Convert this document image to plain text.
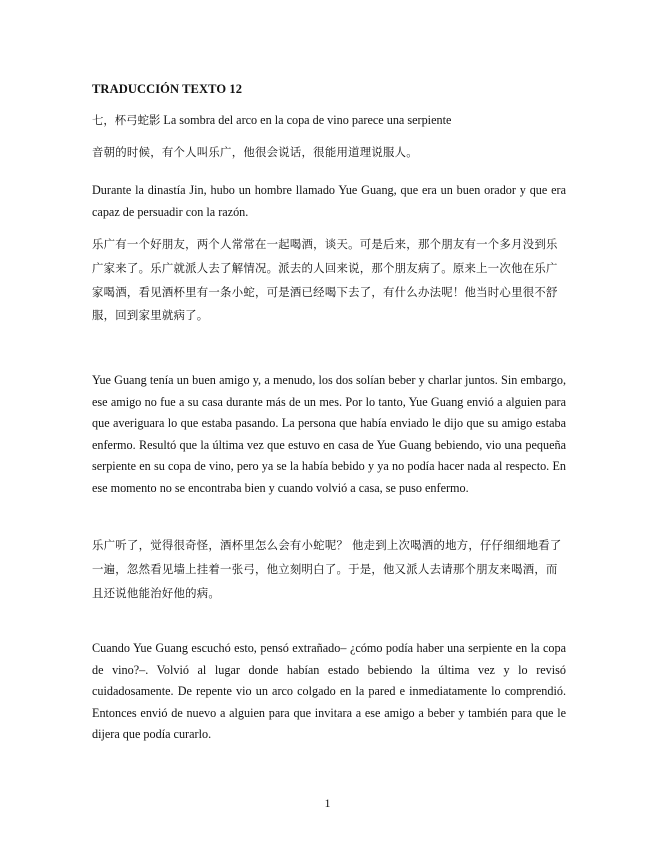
TRADUCCIÓN TEXTO 12
七，杯弓蛇影 La sombra del arco en la copa de vino parece una serpiente

音朝的时候，有个人叫乐广，他很会说话，很能用道理说服人。

Durante la dinastía Jin, hubo un hombre llamado Yue Guang, que era un buen orador y que era capaz de persuadir con la razón.

乐广有一个好朋友，两个人常常在一起喝酒，谈天。可是后来，那个朋友有一个多月没到乐广家来了。乐广就派人去了解情况。派去的人回来说，那个朋友病了。原来上一次他在乐广家喝酒，看见酒杯里有一条小蛇，可是酒已经喝下去了，有什么办法呢！他当时心里很不舒服，回到家里就病了。

Yue Guang tenía un buen amigo y, a menudo, los dos solían beber y charlar juntos. Sin embargo, ese amigo no fue a su casa durante más de un mes. Por lo tanto, Yue Guang envió a alguien para que averiguara lo que estaba pasando. La persona que había enviado le dijo que su amigo estaba enfermo. Resultó que la última vez que estuvo en casa de Yue Guang bebiendo, vio una pequeña serpiente en su copa de vino, pero ya se la había bebido y ya no podía hacer nada al respecto. En ese momento no se encontraba bien y cuando volvió a casa, se puso enfermo.

乐广听了，觉得很奇怪，酒杯里怎么会有小蛇呢？ 他走到上次喝酒的地方，仔仔细细地看了一遍，忽然看见墙上挂着一张弓，他立刻明白了。于是，他又派人去请那个朋友来喝酒，而且还说他能治好他的病。

Cuando Yue Guang escuchó esto, pensó extrañado– ¿cómo podía haber una serpiente en la copa de vino?–. Volvió al lugar donde habían estado bebiendo la última vez y lo revisó cuidadosamente. De repente vio un arco colgado en la pared e inmediatamente lo comprendió. Entonces envió de nuevo a alguien para que invitara a ese amigo a beber y también para que le dijera que podía curarlo.

1
